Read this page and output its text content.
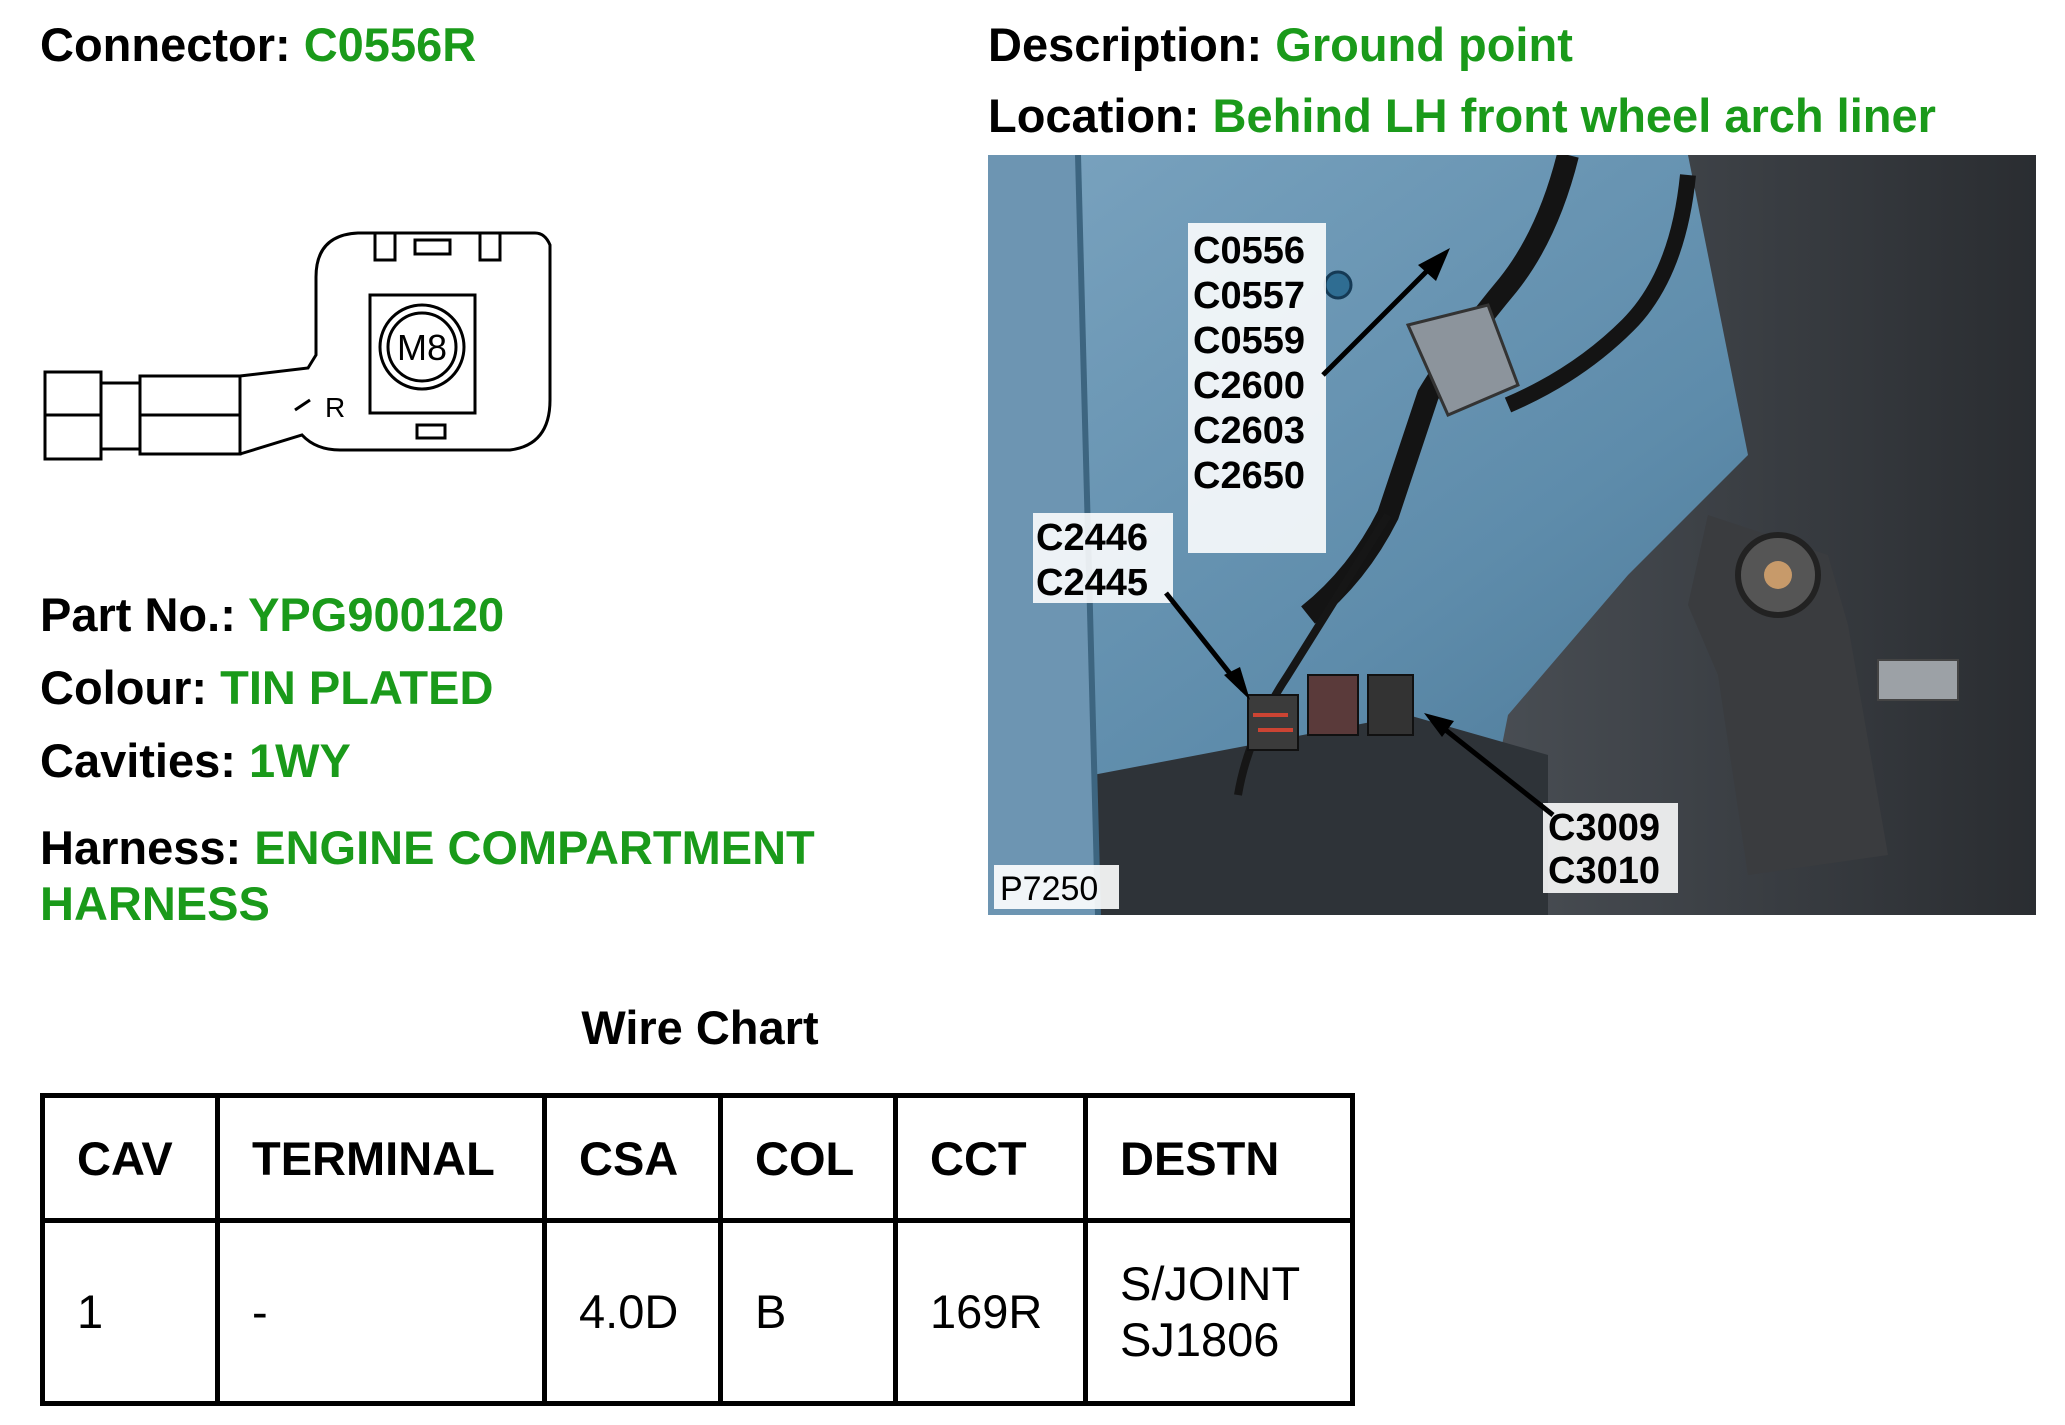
Connector: C0556R	Description: Ground point
Location: Behind LH front wheel arch liner
M8
R
Part No.: YPG900120
Colour: TIN PLATED
Cavities: 1WY
Harness: ENGINE COMPARTMENT HARNESS
C0556
C0557
C0559
C2600
C2603
C2650
C2446
C2445
C3009
C3010
P7250
Wire Chart
CAV	TERMINAL	CSA	COL	CCT	DESTN
1	-	4.0D	B	169R	S/JOINT
SJ1806
